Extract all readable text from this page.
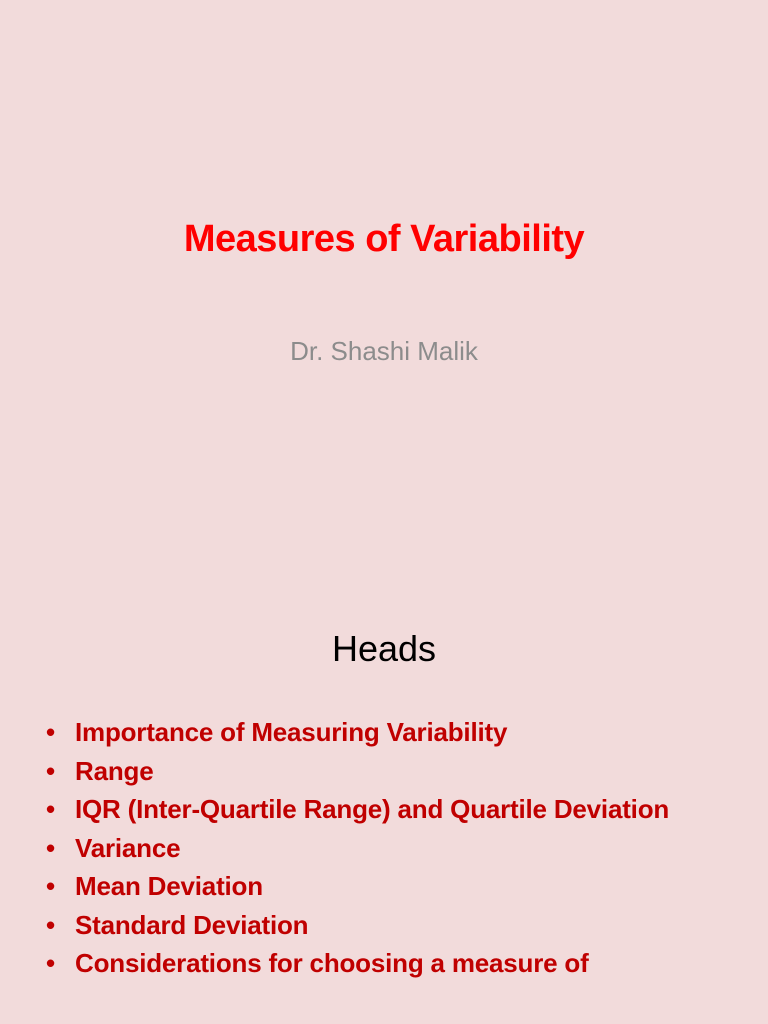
Measures of Variability
Dr. Shashi Malik
Heads
• Importance of Measuring Variability
• Range
• IQR (Inter-Quartile Range) and Quartile Deviation
• Variance
• Mean Deviation
• Standard Deviation
• Considerations for choosing a measure of
